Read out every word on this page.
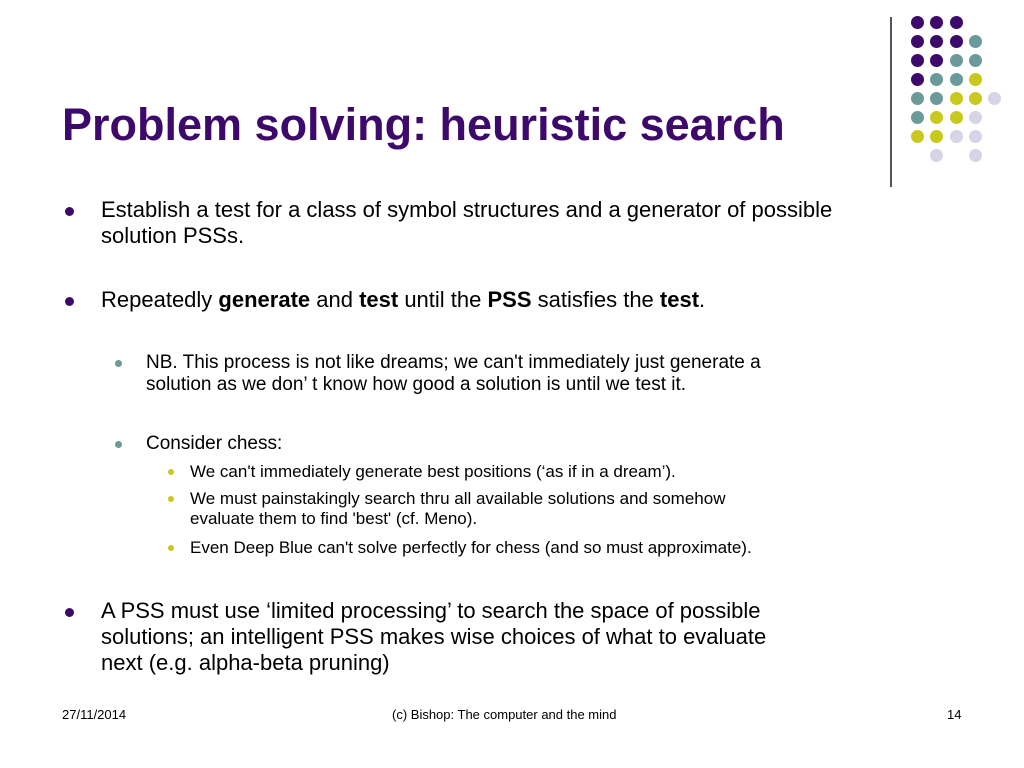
Problem solving: heuristic search
Establish a test for a class of symbol structures and a generator of possible solution PSSs.
Repeatedly generate and test until the PSS satisfies the test.
NB. This process is not like dreams; we can't immediately just generate a
solution as we don’ t know how good a solution is until we test it.
Consider chess:
We can't immediately generate best positions (‘as if in a dream’).
We must painstakingly search thru all available solutions and somehow
evaluate them to find 'best' (cf. Meno).
Even Deep Blue can't solve perfectly for chess (and so must approximate).
A PSS must use ‘limited processing’ to search the space of possible
solutions; an intelligent PSS makes wise choices of what to evaluate
next (e.g. alpha-beta pruning)
27/11/2014	(c) Bishop: The computer and the mind	14
